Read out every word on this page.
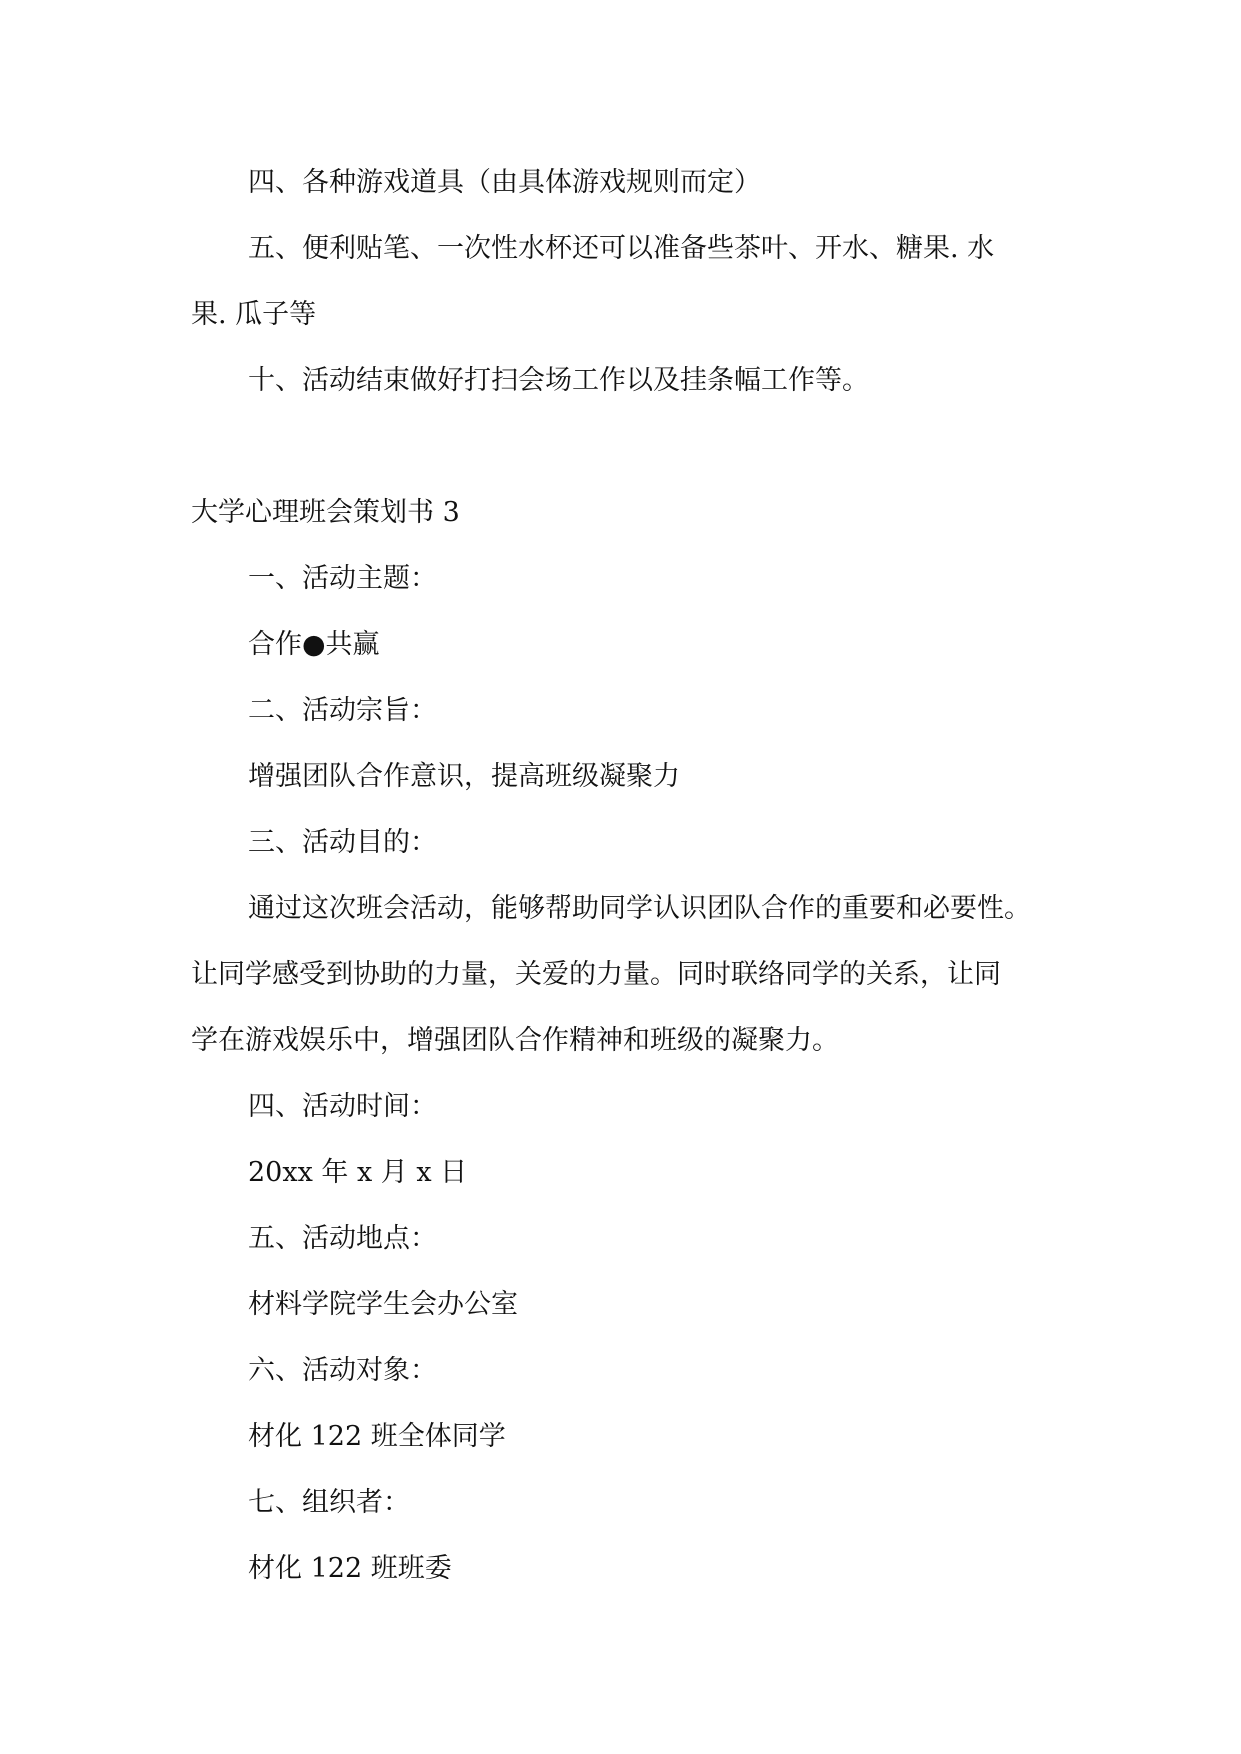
四、各种游戏道具（由具体游戏规则而定）
五、便利贴笔、一次性水杯还可以准备些茶叶、开水、糖果. 水
果. 瓜子等
十、活动结束做好打扫会场工作以及挂条幅工作等。
大学心理班会策划书 3
一、活动主题：
合作●共赢
二、活动宗旨：
增强团队合作意识，提高班级凝聚力
三、活动目的：
通过这次班会活动，能够帮助同学认识团队合作的重要和必要性。
让同学感受到协助的力量，关爱的力量。同时联络同学的关系，让同
学在游戏娱乐中，增强团队合作精神和班级的凝聚力。
四、活动时间：
20xx 年 x 月 x 日
五、活动地点：
材料学院学生会办公室
六、活动对象：
材化 122 班全体同学
七、组织者：
材化 122 班班委
